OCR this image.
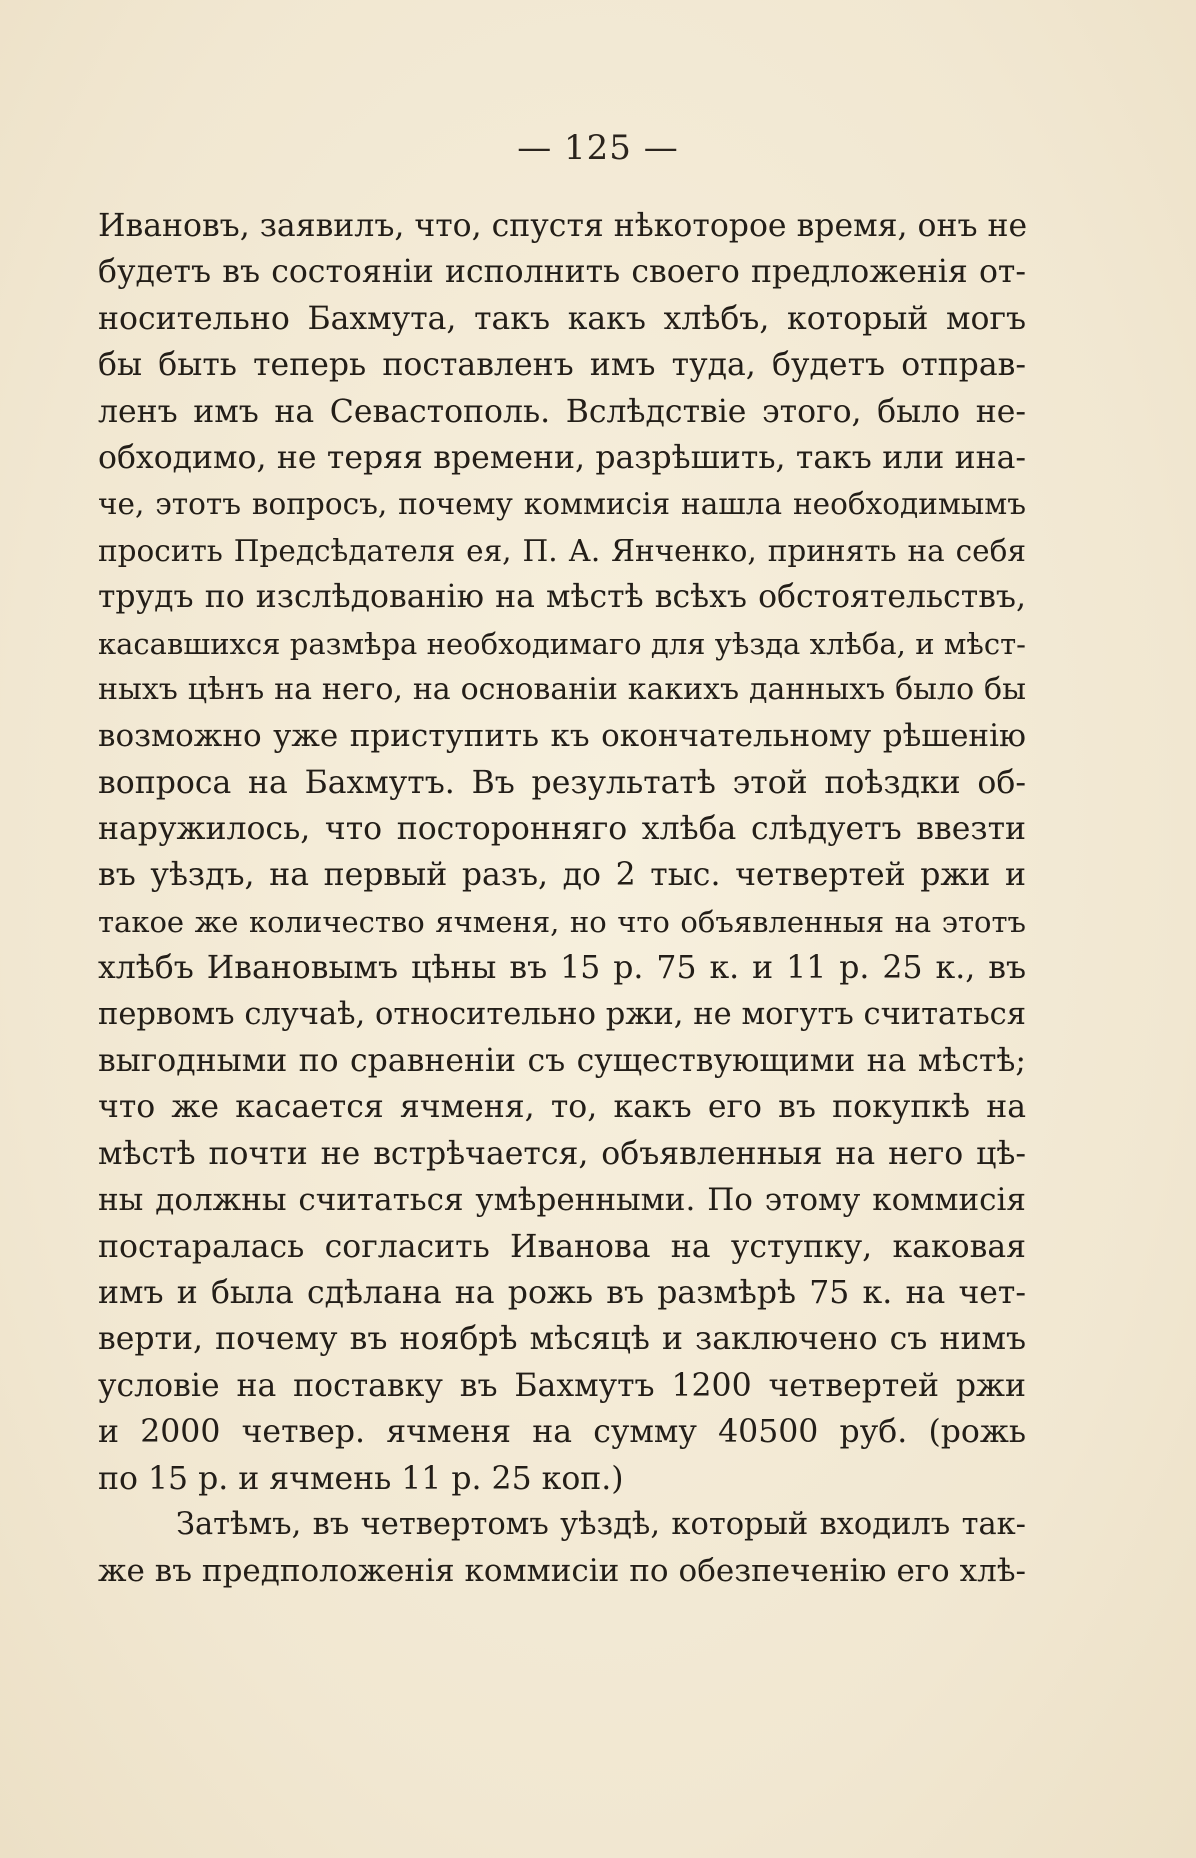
— 125 —
Ивановъ, заявилъ, что, спустя нѣкоторое время, онъ не
будетъ въ состояніи исполнить своего предложенія от-
носительно Бахмута, такъ какъ хлѣбъ, который могъ
бы быть теперь поставленъ имъ туда, будетъ отправ-
ленъ имъ на Севастополь. Вслѣдствіе этого, было не-
обходимо, не теряя времени, разрѣшить, такъ или ина-
че, этотъ вопросъ, почему коммисія нашла необходимымъ
просить Предсѣдателя ея, П. А. Янченко, принять на себя
трудъ по изслѣдованію на мѣстѣ всѣхъ обстоятельствъ,
касавшихся размѣра необходимаго для уѣзда хлѣба, и мѣст-
ныхъ цѣнъ на него, на основаніи какихъ данныхъ было бы
возможно уже приступить къ окончательному рѣшенію
вопроса на Бахмутъ. Въ результатѣ этой поѣздки об-
наружилось, что посторонняго хлѣба слѣдуетъ ввезти
въ уѣздъ, на первый разъ, до 2 тыс. четвертей ржи и
такое же количество ячменя, но что объявленныя на этотъ
хлѣбъ Ивановымъ цѣны въ 15 р. 75 к. и 11 р. 25 к., въ
первомъ случаѣ, относительно ржи, не могутъ считаться
выгодными по сравненіи съ существующими на мѣстѣ;
что же касается ячменя, то, какъ его въ покупкѣ на
мѣстѣ почти не встрѣчается, объявленныя на него цѣ-
ны должны считаться умѣренными. По этому коммисія
постаралась согласить Иванова на уступку, каковая
имъ и была сдѣлана на рожь въ размѣрѣ 75 к. на чет-
верти, почему въ ноябрѣ мѣсяцѣ и заключено съ нимъ
условіе на поставку въ Бахмутъ 1200 четвертей ржи
и 2000 четвер. ячменя на сумму 40500 руб. (рожь
по 15 р. и ячмень 11 р. 25 коп.)
Затѣмъ, въ четвертомъ уѣздѣ, который входилъ так-
же въ предположенія коммисіи по обезпеченію его хлѣ-
